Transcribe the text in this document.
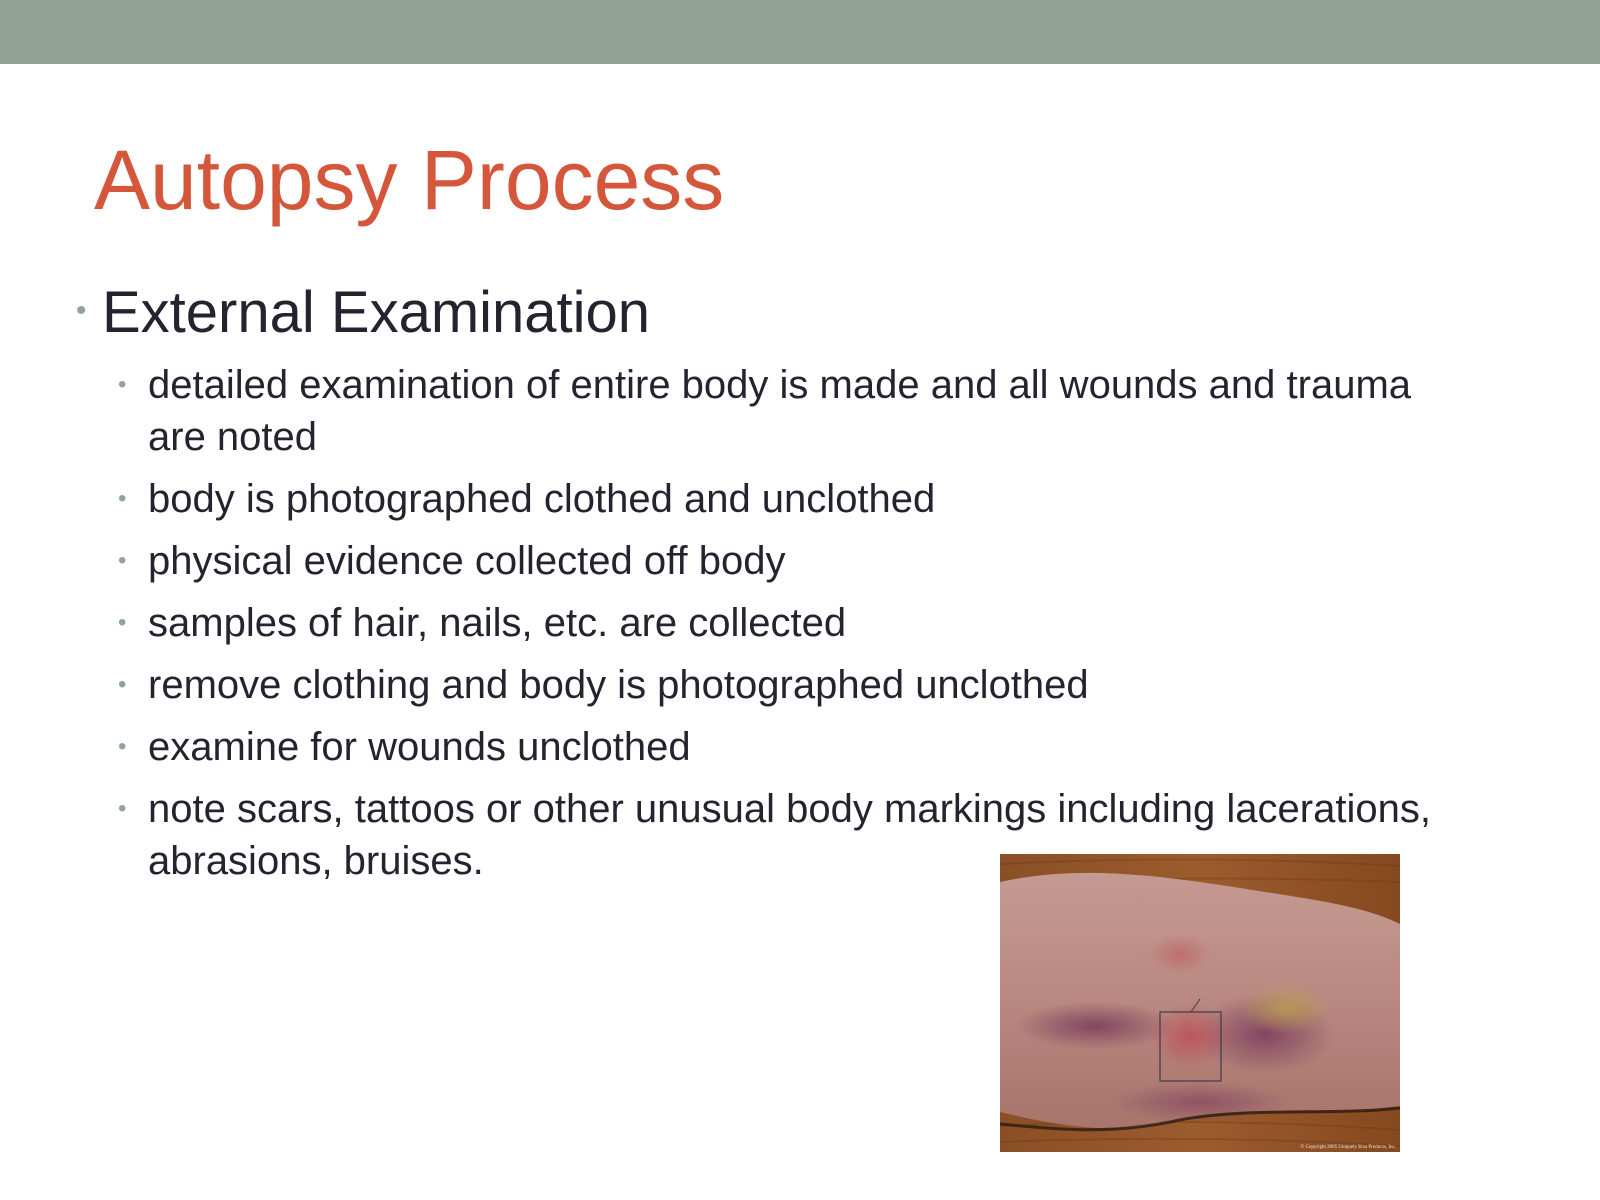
Autopsy Process
• External Examination
• detailed examination of entire body is made and all wounds and trauma are noted
• body is photographed clothed and unclothed
• physical evidence collected off body
• samples of hair, nails, etc. are collected
• remove clothing and body is photographed unclothed
• examine for wounds unclothed
• note scars, tattoos or other unusual body markings including lacerations, abrasions, bruises.
© Copyright 2005 Uniquely Ersa Products, Inc.
